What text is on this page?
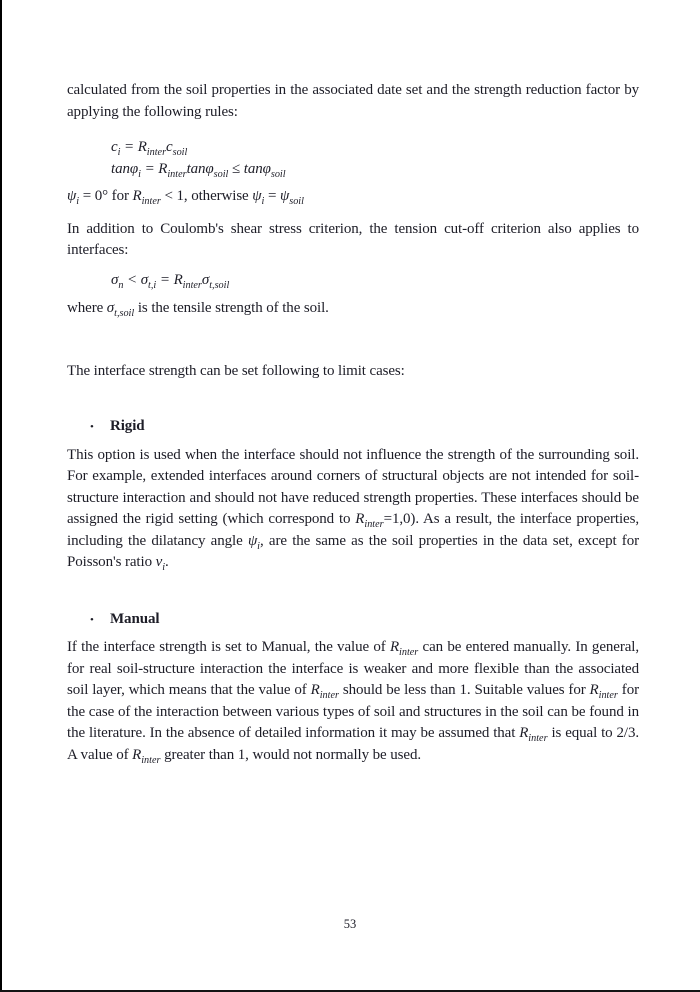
calculated from the soil properties in the associated date set and the strength reduction factor by applying the following rules:

$c_i = R_{inter}c_{soil}$
$\tan\varphi_i = R_{inter}\tan\varphi_{soil} \le \tan\varphi_{soil}$

$\psi_i = 0^\circ$ for $R_{inter} < 1$, otherwise $\psi_i = \psi_{soil}$

In addition to Coulomb's shear stress criterion, the tension cut-off criterion also applies to interfaces:

$\sigma_n < \sigma_{t,i} = R_{inter}\sigma_{t,soil}$

where $\sigma_{t,soil}$ is the tensile strength of the soil.

The interface strength can be set following to limit cases:

• Rigid

This option is used when the interface should not influence the strength of the surrounding soil. For example, extended interfaces around corners of structural objects are not intended for soil-structure interaction and should not have reduced strength properties. These interfaces should be assigned the rigid setting (which correspond to $R_{inter}=1,0$). As a result, the interface properties, including the dilatancy angle $\psi_i$, are the same as the soil properties in the data set, except for Poisson's ratio $\nu_i$.

• Manual

If the interface strength is set to Manual, the value of $R_{inter}$ can be entered manually. In general, for real soil-structure interaction the interface is weaker and more flexible than the associated soil layer, which means that the value of $R_{inter}$ should be less than 1. Suitable values for $R_{inter}$ for the case of the interaction between various types of soil and structures in the soil can be found in the literature. In the absence of detailed information it may be assumed that $R_{inter}$ is equal to 2/3. A value of $R_{inter}$ greater than 1, would not normally be used.

53
